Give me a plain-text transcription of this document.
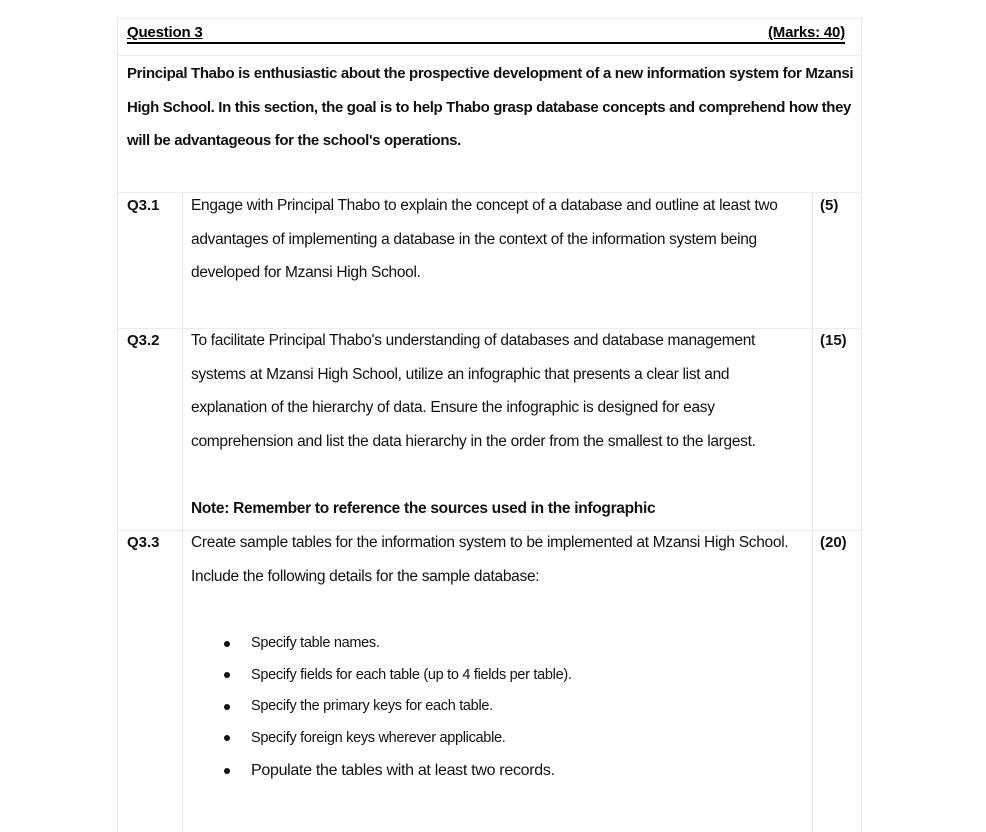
Question 3	(Marks: 40)
Principal Thabo is enthusiastic about the prospective development of a new information system for Mzansi High School. In this section, the goal is to help Thabo grasp database concepts and comprehend how they will be advantageous for the school's operations.
Q3.1 Engage with Principal Thabo to explain the concept of a database and outline at least two advantages of implementing a database in the context of the information system being developed for Mzansi High School.
(5)
Q3.2 To facilitate Principal Thabo's understanding of databases and database management systems at Mzansi High School, utilize an infographic that presents a clear list and explanation of the hierarchy of data. Ensure the infographic is designed for easy comprehension and list the data hierarchy in the order from the smallest to the largest.
Note: Remember to reference the sources used in the infographic
(15)
Q3.3 Create sample tables for the information system to be implemented at Mzansi High School. Include the following details for the sample database:
(20)
Specify table names.
Specify fields for each table (up to 4 fields per table).
Specify the primary keys for each table.
Specify foreign keys wherever applicable.
Populate the tables with at least two records.
